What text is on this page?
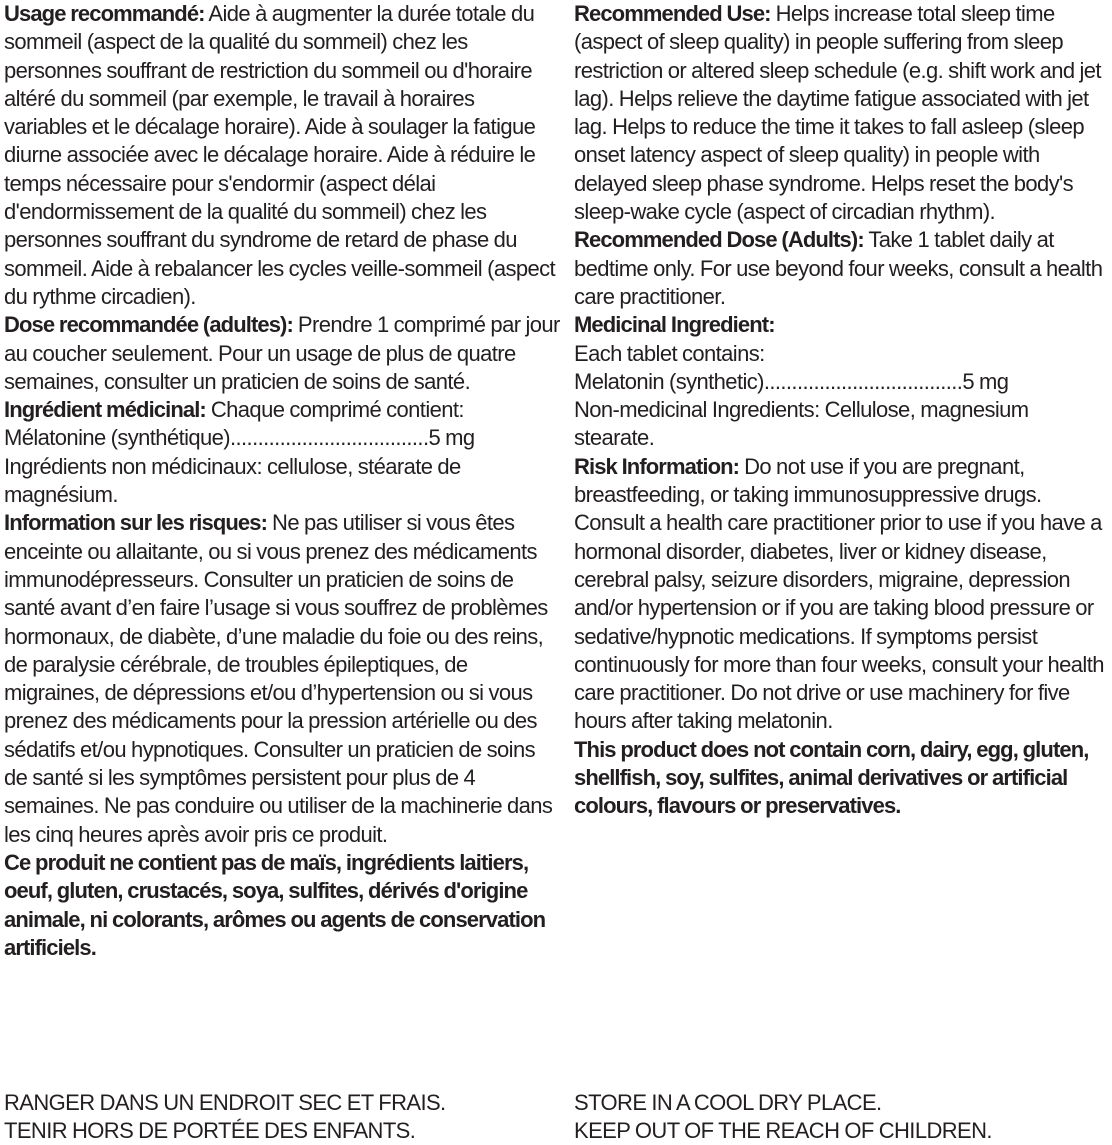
Usage recommandé: Aide à augmenter la durée totale du sommeil (aspect de la qualité du sommeil) chez les personnes souffrant de restriction du sommeil ou d'horaire altéré du sommeil (par exemple, le travail à horaires variables et le décalage horaire). Aide à soulager la fatigue diurne associée avec le décalage horaire. Aide à réduire le temps nécessaire pour s'endormir (aspect délai d'endormissement de la qualité du sommeil) chez les personnes souffrant du syndrome de retard de phase du sommeil. Aide à rebalancer les cycles veille-sommeil (aspect du rythme circadien).

Dose recommandée (adultes): Prendre 1 comprimé par jour au coucher seulement. Pour un usage de plus de quatre semaines, consulter un praticien de soins de santé.

Ingrédient médicinal: Chaque comprimé contient:

Mélatonine (synthétique)....................................5 mg

Ingrédients non médicinaux: cellulose, stéarate de magnésium.

Information sur les risques: Ne pas utiliser si vous êtes enceinte ou allaitante, ou si vous prenez des médicaments immunodépresseurs. Consulter un praticien de soins de santé avant d’en faire l’usage si vous souffrez de problèmes hormonaux, de diabète, d’une maladie du foie ou des reins, de paralysie cérébrale, de troubles épileptiques, de migraines, de dépressions et/ou d’hypertension ou si vous prenez des médicaments pour la pression artérielle ou des sédatifs et/ou hypnotiques. Consulter un praticien de soins de santé si les symptômes persistent pour plus de 4 semaines. Ne pas conduire ou utiliser de la machinerie dans les cinq heures après avoir pris ce produit.

Ce produit ne contient pas de maïs, ingrédients laitiers, oeuf, gluten, crustacés, soya, sulfites, dérivés d'origine animale, ni colorants, arômes ou agents de conservation artificiels.

Recommended Use: Helps increase total sleep time (aspect of sleep quality) in people suffering from sleep restriction or altered sleep schedule (e.g. shift work and jet lag). Helps relieve the daytime fatigue associated with jet lag. Helps to reduce the time it takes to fall asleep (sleep onset latency aspect of sleep quality) in people with delayed sleep phase syndrome. Helps reset the body's sleep-wake cycle (aspect of circadian rhythm).

Recommended Dose (Adults): Take 1 tablet daily at bedtime only. For use beyond four weeks, consult a health care practitioner.

Medicinal Ingredient:

Each tablet contains:

Melatonin (synthetic)....................................5 mg

Non-medicinal Ingredients: Cellulose, magnesium stearate.

Risk Information: Do not use if you are pregnant, breastfeeding, or taking immunosuppressive drugs. Consult a health care practitioner prior to use if you have a hormonal disorder, diabetes, liver or kidney disease, cerebral palsy, seizure disorders, migraine, depression and/or hypertension or if you are taking blood pressure or sedative/hypnotic medications. If symptoms persist continuously for more than four weeks, consult your health care practitioner. Do not drive or use machinery for five hours after taking melatonin.

This product does not contain corn, dairy, egg, gluten, shellfish, soy, sulfites, animal derivatives or artificial colours, flavours or preservatives.

RANGER DANS UN ENDROIT SEC ET FRAIS.
TENIR HORS DE PORTÉE DES ENFANTS.
STORE IN A COOL DRY PLACE.
KEEP OUT OF THE REACH OF CHILDREN.
